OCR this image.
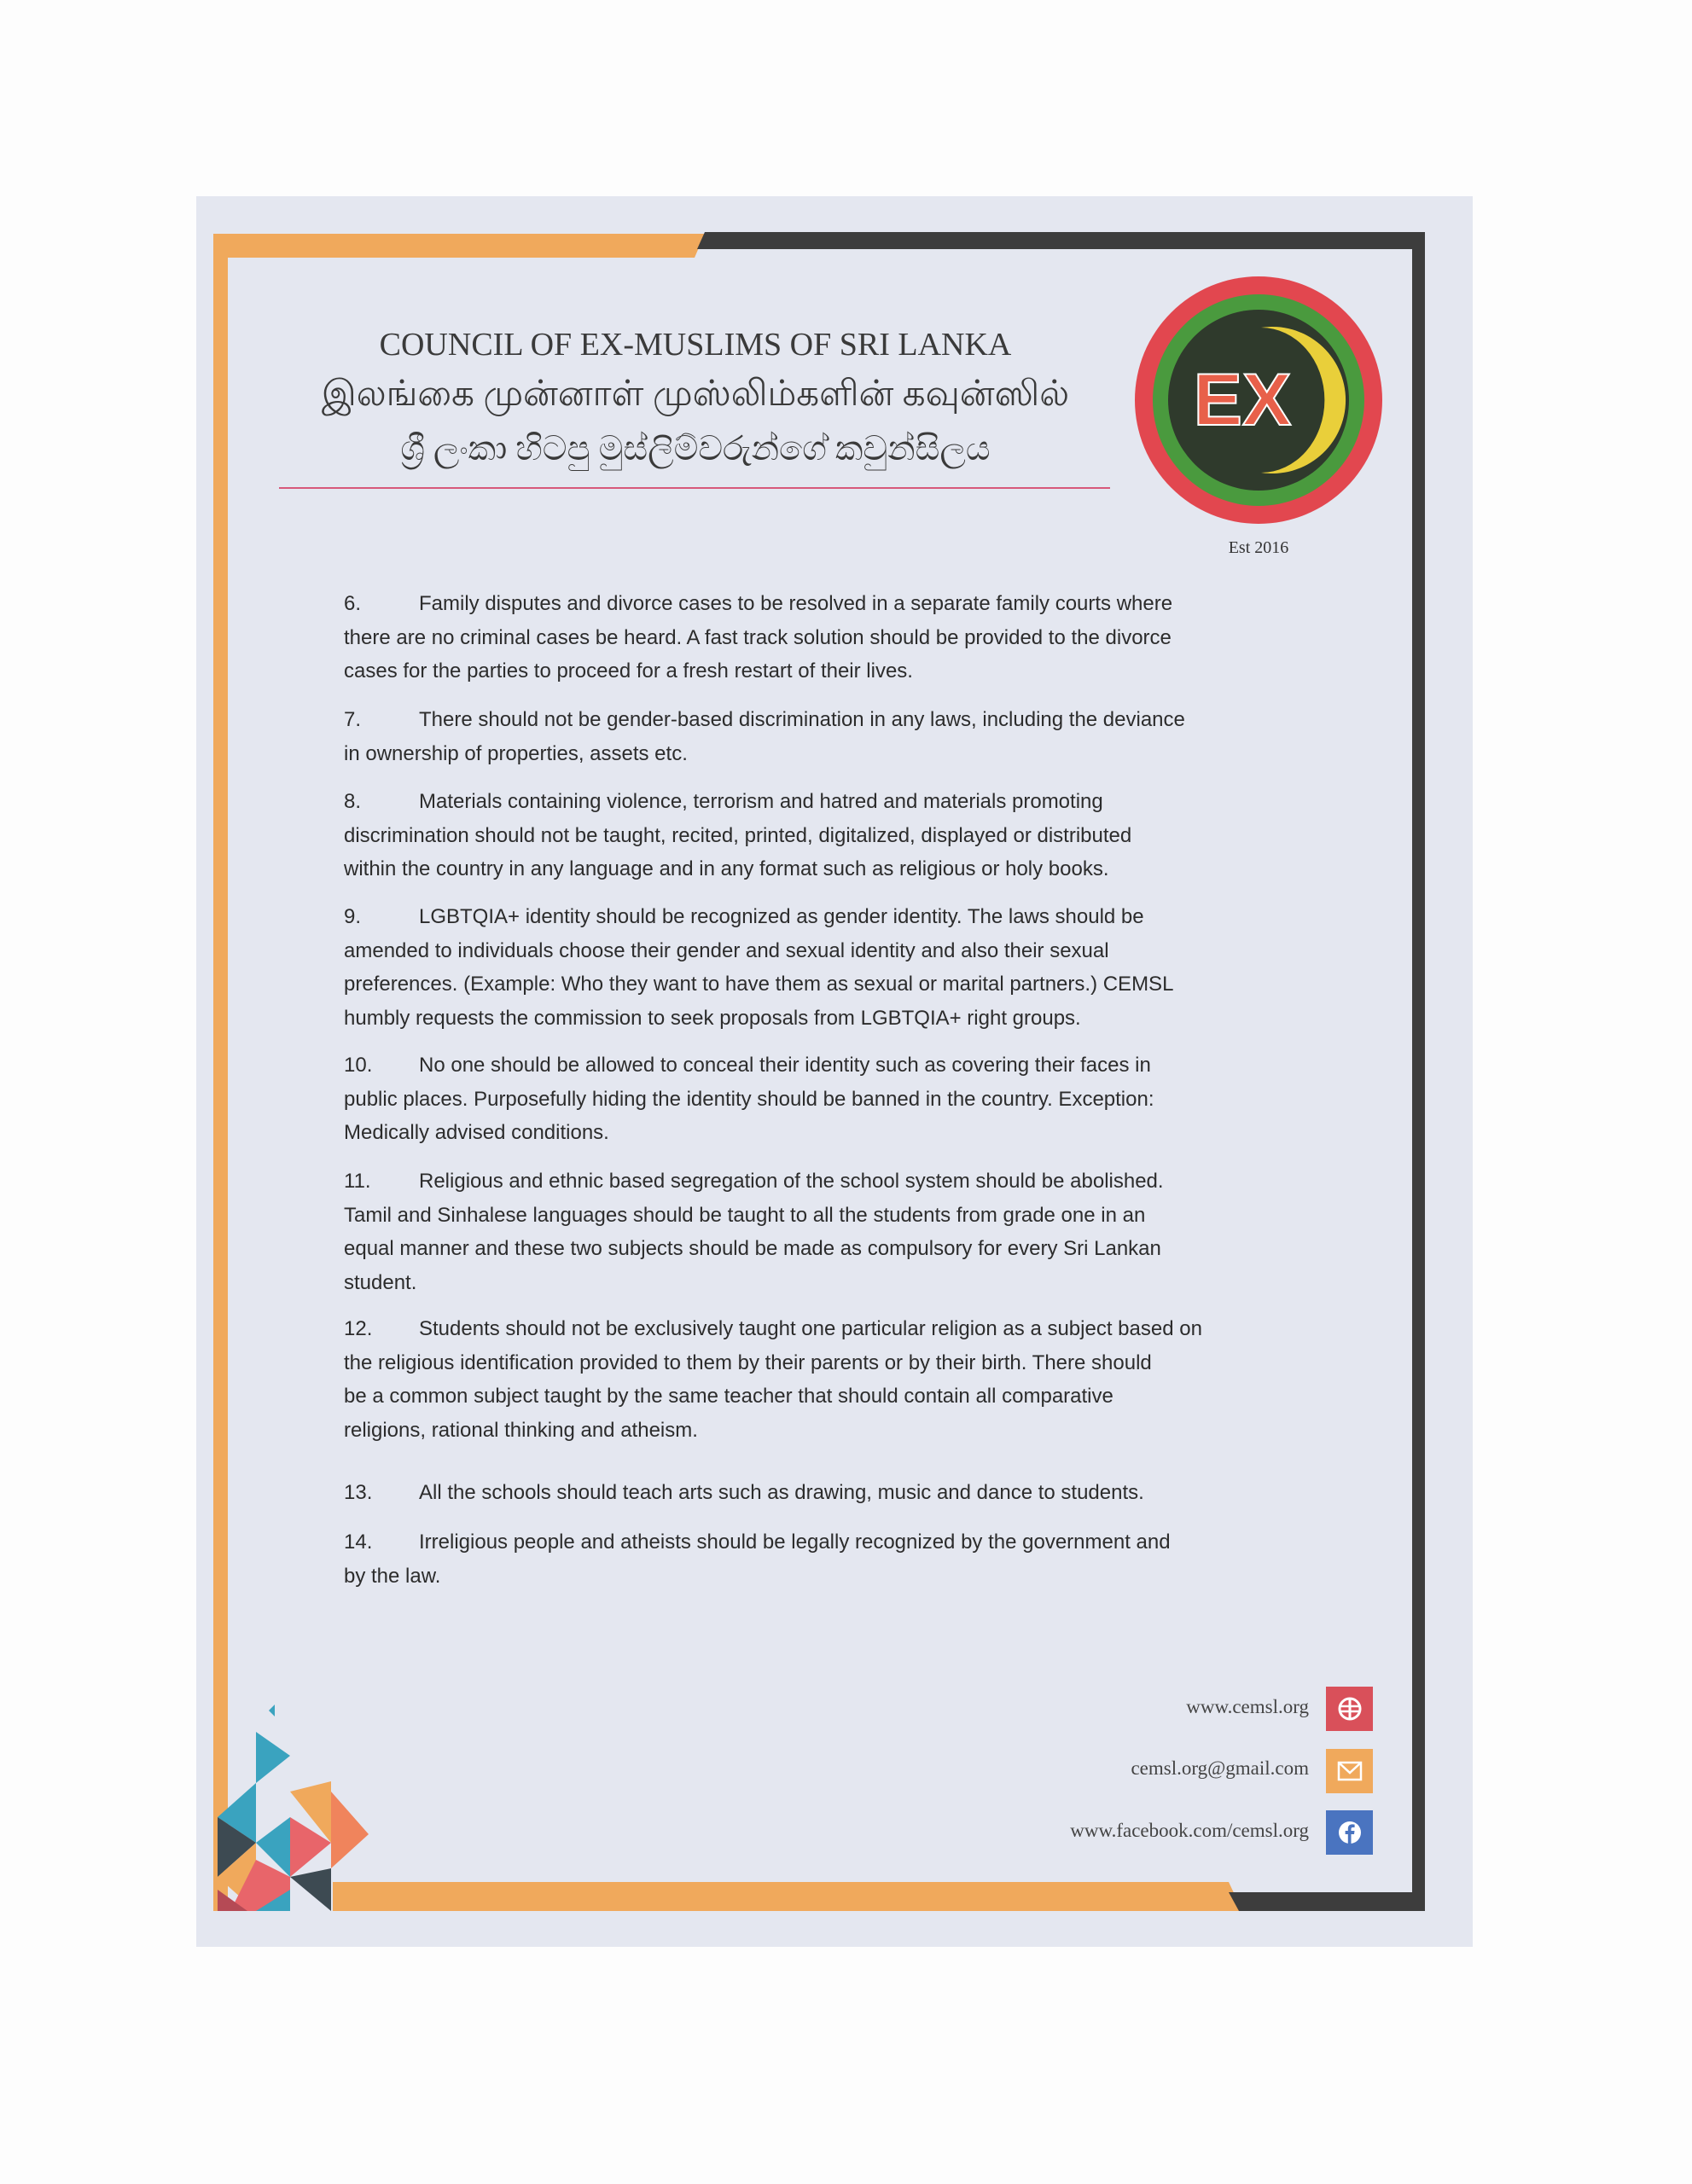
COUNCIL OF EX-MUSLIMS OF SRI LANKA
இலங்கை முன்னாள் முஸ்லிம்களின் கவுன்ஸில்
ශ්‍රී ලංකා හිටපු මුස්ලිම්වරුන්ගේ කවුන්සිලය
EX
Est 2016
6.	Family disputes and divorce cases to be resolved in a separate family courts where
there are no criminal cases be heard. A fast track solution should be provided to the divorce
cases for the parties to proceed for a fresh restart of their lives.
7.	There should not be gender-based discrimination in any laws, including the deviance
in ownership of properties, assets etc.
8.	Materials containing violence, terrorism and hatred and materials promoting
discrimination should not be taught, recited, printed, digitalized, displayed or distributed
within the country in any language and in any format such as religious or holy books.
9.	LGBTQIA+ identity should be recognized as gender identity. The laws should be
amended to individuals choose their gender and sexual identity and also their sexual
preferences. (Example: Who they want to have them as sexual or marital partners.) CEMSL
humbly requests the commission to seek proposals from LGBTQIA+ right groups.
10. No one should be allowed to conceal their identity such as covering their faces in
public places. Purposefully hiding the identity should be banned in the country. Exception:
Medically advised conditions.
11. Religious and ethnic based segregation of the school system should be abolished.
Tamil and Sinhalese languages should be taught to all the students from grade one in an
equal manner and these two subjects should be made as compulsory for every Sri Lankan
student.
12. Students should not be exclusively taught one particular religion as a subject based on
the religious identification provided to them by their parents or by their birth. There should
be a common subject taught by the same teacher that should contain all comparative
religions, rational thinking and atheism.
13. All the schools should teach arts such as drawing, music and dance to students.
14. Irreligious people and atheists should be legally recognized by the government and
by the law.
www.cemsl.org
cemsl.org@gmail.com
www.facebook.com/cemsl.org
